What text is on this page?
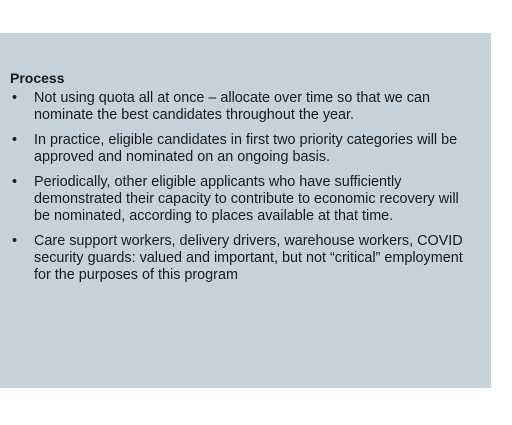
Process
• Not using quota all at once – allocate over time so that we can nominate the best candidates throughout the year.
• In practice, eligible candidates in first two priority categories will be approved and nominated on an ongoing basis.
• Periodically, other eligible applicants who have sufficiently demonstrated their capacity to contribute to economic recovery will be nominated, according to places available at that time.
• Care support workers, delivery drivers, warehouse workers, COVID security guards: valued and important, but not “critical” employment for the purposes of this program
